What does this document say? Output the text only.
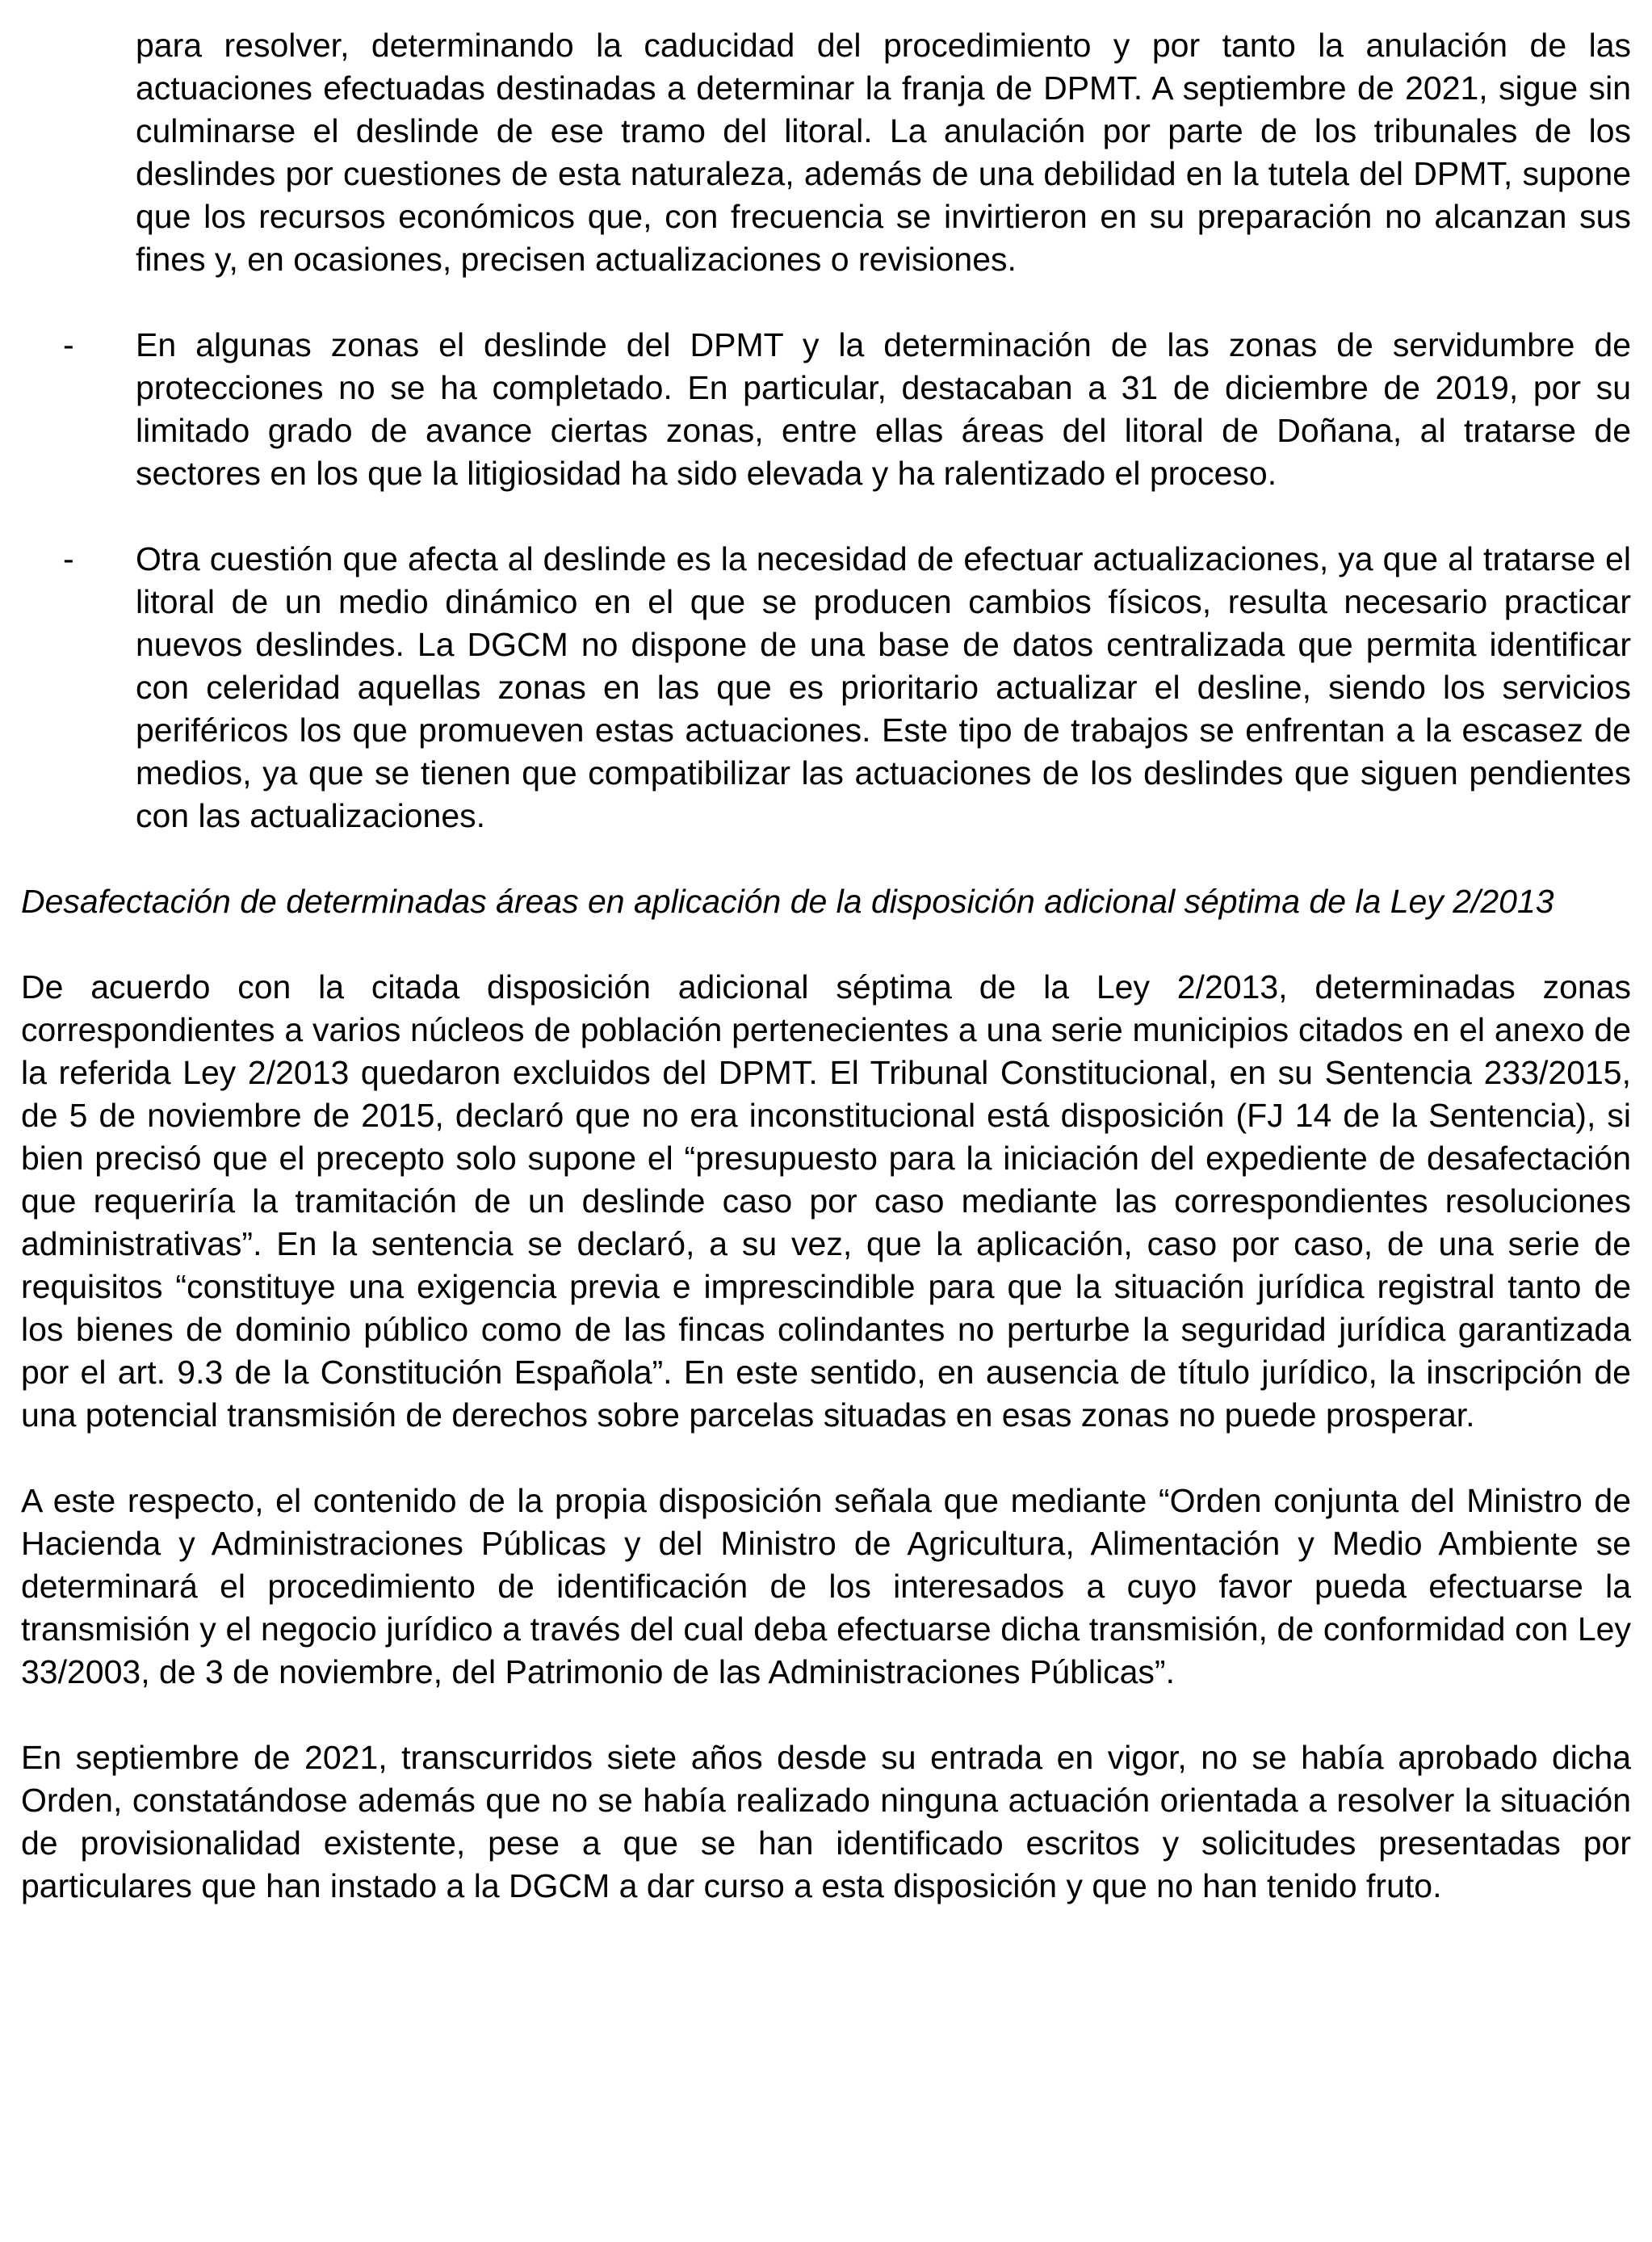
para resolver, determinando la caducidad del procedimiento y por tanto la anulación de las actuaciones efectuadas destinadas a determinar la franja de DPMT. A septiembre de 2021, sigue sin culminarse el deslinde de ese tramo del litoral. La anulación por parte de los tribunales de los deslindes por cuestiones de esta naturaleza, además de una debilidad en la tutela del DPMT, supone que los recursos económicos que, con frecuencia se invirtieron en su preparación no alcanzan sus fines y, en ocasiones, precisen actualizaciones o revisiones.

- En algunas zonas el deslinde del DPMT y la determinación de las zonas de servidumbre de protecciones no se ha completado. En particular, destacaban a 31 de diciembre de 2019, por su limitado grado de avance ciertas zonas, entre ellas áreas del litoral de Doñana, al tratarse de sectores en los que la litigiosidad ha sido elevada y ha ralentizado el proceso.

- Otra cuestión que afecta al deslinde es la necesidad de efectuar actualizaciones, ya que al tratarse el litoral de un medio dinámico en el que se producen cambios físicos, resulta necesario practicar nuevos deslindes. La DGCM no dispone de una base de datos centralizada que permita identificar con celeridad aquellas zonas en las que es prioritario actualizar el desline, siendo los servicios periféricos los que promueven estas actuaciones. Este tipo de trabajos se enfrentan a la escasez de medios, ya que se tienen que compatibilizar las actuaciones de los deslindes que siguen pendientes con las actualizaciones.

Desafectación de determinadas áreas en aplicación de la disposición adicional séptima de la Ley 2/2013

De acuerdo con la citada disposición adicional séptima de la Ley 2/2013, determinadas zonas correspondientes a varios núcleos de población pertenecientes a una serie municipios citados en el anexo de la referida Ley 2/2013 quedaron excluidos del DPMT. El Tribunal Constitucional, en su Sentencia 233/2015, de 5 de noviembre de 2015, declaró que no era inconstitucional está disposición (FJ 14 de la Sentencia), si bien precisó que el precepto solo supone el “presupuesto para la iniciación del expediente de desafectación que requeriría la tramitación de un deslinde caso por caso mediante las correspondientes resoluciones administrativas”. En la sentencia se declaró, a su vez, que la aplicación, caso por caso, de una serie de requisitos “constituye una exigencia previa e imprescindible para que la situación jurídica registral tanto de los bienes de dominio público como de las fincas colindantes no perturbe la seguridad jurídica garantizada por el art. 9.3 de la Constitución Española”. En este sentido, en ausencia de título jurídico, la inscripción de una potencial transmisión de derechos sobre parcelas situadas en esas zonas no puede prosperar.

A este respecto, el contenido de la propia disposición señala que mediante “Orden conjunta del Ministro de Hacienda y Administraciones Públicas y del Ministro de Agricultura, Alimentación y Medio Ambiente se determinará el procedimiento de identificación de los interesados a cuyo favor pueda efectuarse la transmisión y el negocio jurídico a través del cual deba efectuarse dicha transmisión, de conformidad con Ley 33/2003, de 3 de noviembre, del Patrimonio de las Administraciones Públicas”.

En septiembre de 2021, transcurridos siete años desde su entrada en vigor, no se había aprobado dicha Orden, constatándose además que no se había realizado ninguna actuación orientada a resolver la situación de provisionalidad existente, pese a que se han identificado escritos y solicitudes presentadas por particulares que han instado a la DGCM a dar curso a esta disposición y que no han tenido fruto.
